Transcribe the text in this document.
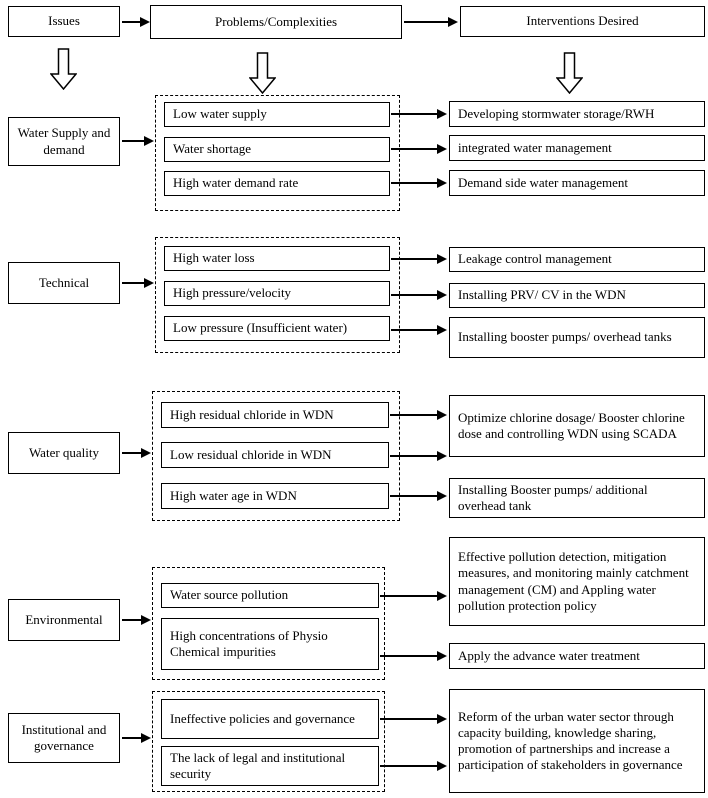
Issues	Problems/Complexities	Interventions Desired
Water Supply and demand
Low water supply
Water shortage
High water demand rate
Developing stormwater storage/RWH
integrated water management
Demand side water management
Technical
High water loss
High pressure/velocity
Low pressure (Insufficient water)
Leakage control management
Installing PRV/ CV in the WDN
Installing booster pumps/ overhead tanks
Water quality
High residual chloride in WDN
Low residual chloride in WDN
High water age in WDN
Optimize chlorine dosage/ Booster chlorine dose and controlling WDN using SCADA
Installing Booster pumps/ additional overhead tank
Environmental
Water source pollution
High concentrations of Physio Chemical impurities
Effective pollution detection, mitigation measures, and monitoring mainly catchment management (CM) and Appling water pollution protection policy
Apply the advance water treatment
Institutional and governance
Ineffective policies and governance
The lack of legal and institutional security
Reform of the urban water sector through capacity building, knowledge sharing, promotion of partnerships and increase a participation of stakeholders in governance
